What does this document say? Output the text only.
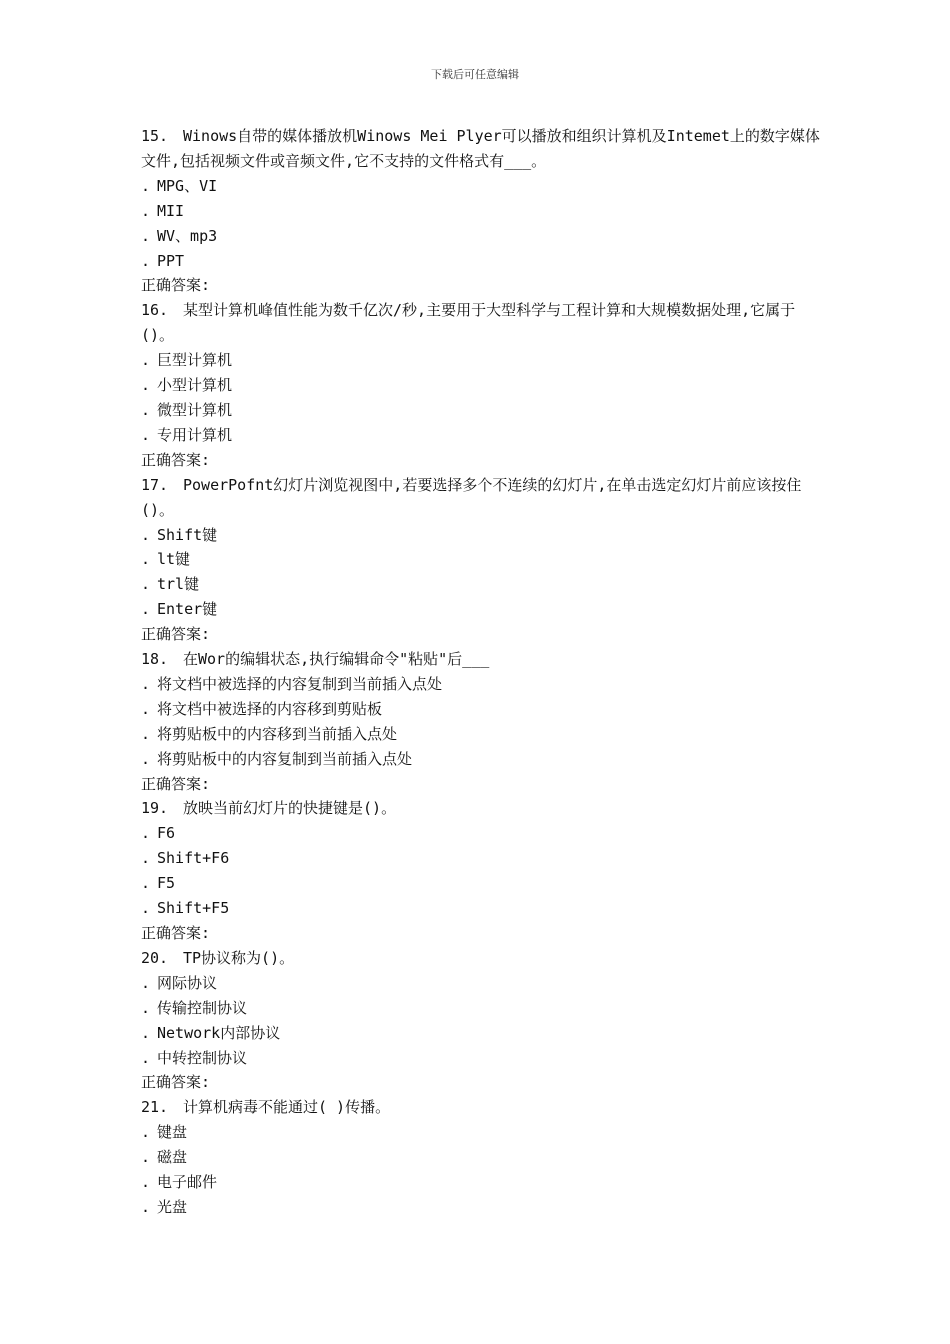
下载后可任意编辑
15. Winows自带的媒体播放机Winows Mei Plyer可以播放和组织计算机及Intemet上的数字媒体文件,包括视频文件或音频文件,它不支持的文件格式有___。
. MPG、VI
. MII
. WV、mp3
. PPT
正确答案:
16. 某型计算机峰值性能为数千亿次/秒,主要用于大型科学与工程计算和大规模数据处理,它属于()。
. 巨型计算机
. 小型计算机
. 微型计算机
. 专用计算机
正确答案:
17. PowerPofnt幻灯片浏览视图中,若要选择多个不连续的幻灯片,在单击选定幻灯片前应该按住()。
. Shift键
. lt键
. trl键
. Enter键
正确答案:
18. 在Wor的编辑状态,执行编辑命令"粘贴"后___
. 将文档中被选择的内容复制到当前插入点处
. 将文档中被选择的内容移到剪贴板
. 将剪贴板中的内容移到当前插入点处
. 将剪贴板中的内容复制到当前插入点处
正确答案:
19. 放映当前幻灯片的快捷键是()。
. F6
. Shift+F6
. F5
. Shift+F5
正确答案:
20. TP协议称为()。
. 网际协议
. 传输控制协议
. Network内部协议
. 中转控制协议
正确答案:
21. 计算机病毒不能通过( )传播。
. 键盘
. 磁盘
. 电子邮件
. 光盘
